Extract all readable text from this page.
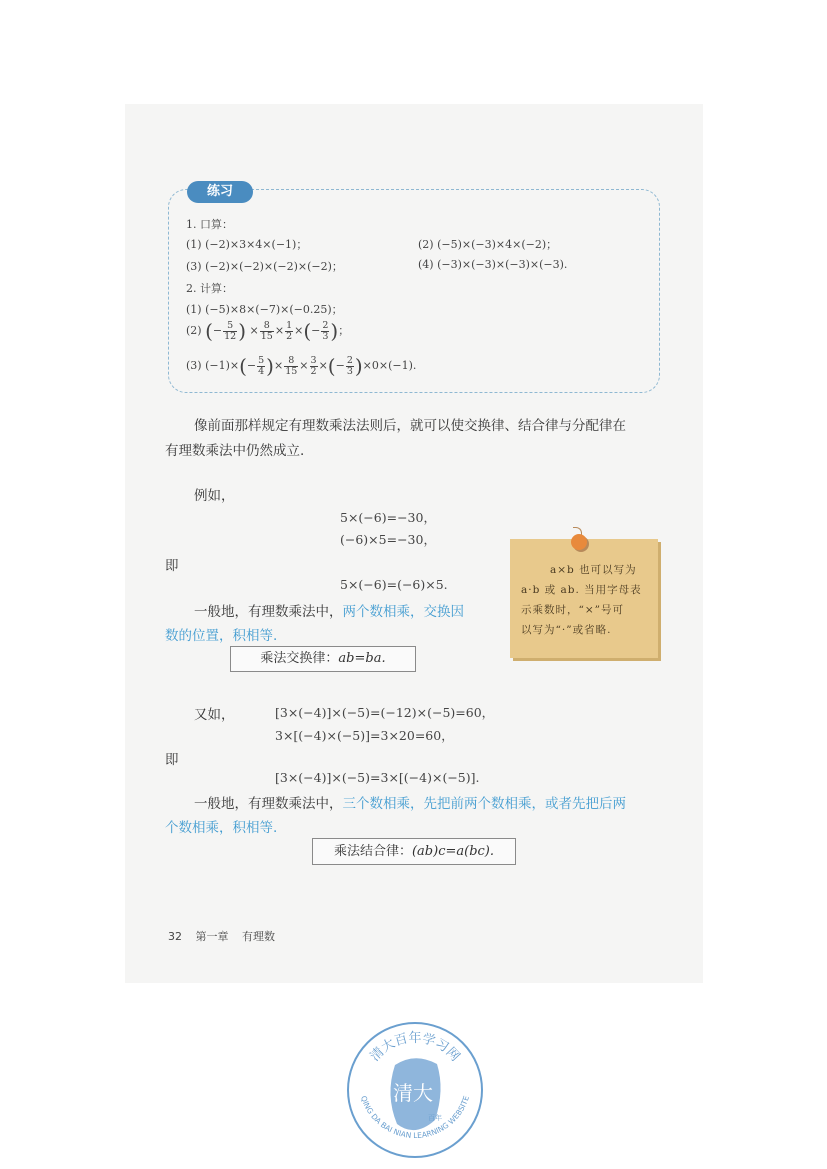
练习
1. 口算：
(1) (−2)×3×4×(−1)；	(2) (−5)×(−3)×4×(−2)；
(3) (−2)×(−2)×(−2)×(−2)；	(4) (−3)×(−3)×(−3)×(−3).
2. 计算：
(1) (−5)×8×(−7)×(−0.25)；
(2) (− $\frac{5}{12}$ ) × $\frac{8}{15} \times \frac{1}{2}$ ×(− $\frac{2}{3}$ )；
(3) $(-1)\times(- \frac{5}{4}$ )× $\frac{8}{15} \times \frac{3}{2}$ ×(− $\frac{2}{3} )\times 0\times(-1)$.
像前面那样规定有理数乘法法则后，就可以使交换律、结合律与分配律在
有理数乘法中仍然成立.
例如，
5×(−6)=−30，
(−6)×5=−30，
即
5×(−6)=(−6)×5.
一般地，有理数乘法中，两个数相乘，交换因
数的位置，积相等.
乘法交换律：ab=ba.
a×b 也可以写为
a·b 或 ab. 当用字母表
示乘数时，“×”号可
以写为“·”或省略.
又如，	[3×(−4)]×(−5)=(−12)×(−5)=60，
3×[(−4)×(−5)]=3×20=60，
即
[3×(−4)]×(−5)=3×[(−4)×(−5)].
一般地，有理数乘法中，三个数相乘，先把前两个数相乘，或者先把后两
个数相乘，积相等.
乘法结合律：(ab)c=a(bc).
32 第一章 有理数
清大百年学习网
QING DA BAI NIAN LEARNING WEBSITE
清大
百年
